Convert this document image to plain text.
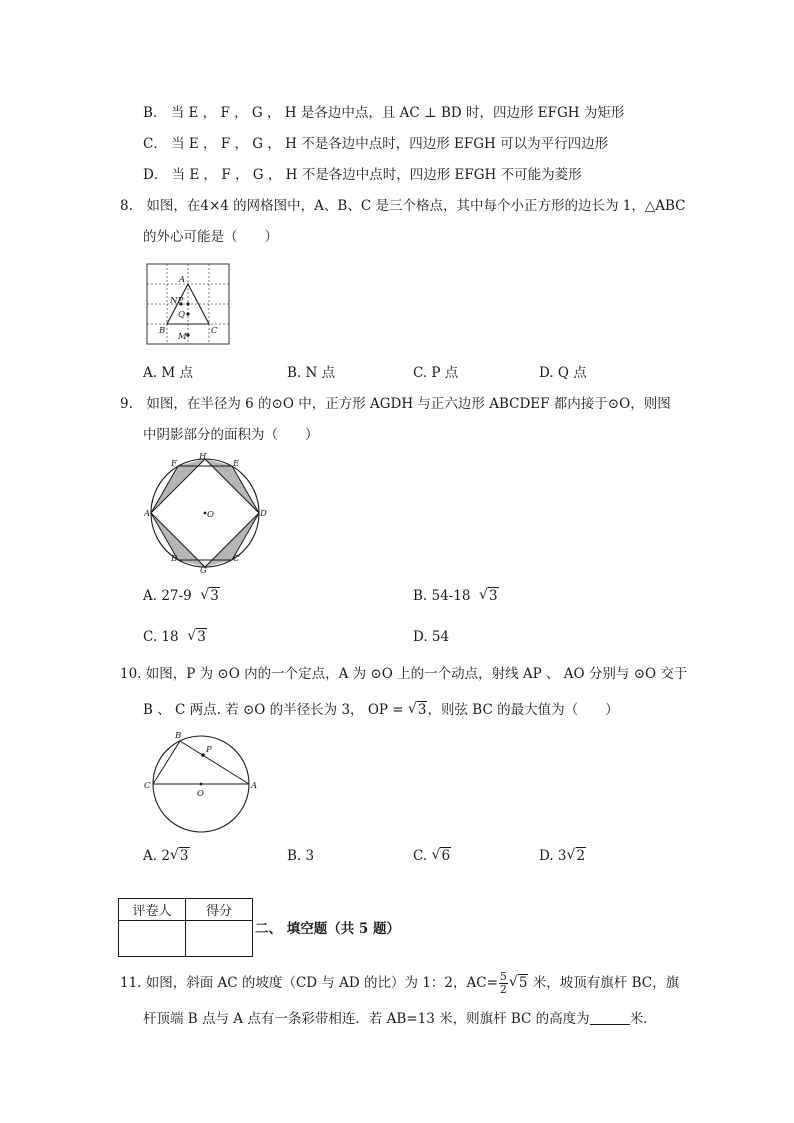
B． 当 E ， F ， G ， H 是各边中点，且 AC ⊥ BD 时，四边形 EFGH 为矩形
C． 当 E ， F ， G ， H 不是各边中点时，四边形 EFGH 可以为平行四边形
D． 当 E ， F ， G ， H 不是各边中点时，四边形 EFGH 不可能为菱形
8.　如图，在4×4 的网格图中，A、B、C 是三个格点，其中每个小正方形的边长为 1，△ABC
的外心可能是（　　）
A
NP
Q
B	C
M
A. M 点	B. N 点	C. P 点	D. Q 点
9.　如图，在半径为 6 的⊙O 中，正方形 AGDH 与正六边形 ABCDEF 都内接于⊙O，则图
中阴影部分的面积为（　　）
F
H
E
A	O	D
B	C
G
A. 27-9 √ 3	B. 54-18 √ 3
C. 18 √ 3	D. 54
10. 如图，P 为 ⊙O 内的一个定点，A 为 ⊙O 上的一个动点，射线 AP 、 AO 分别与 ⊙O 交于
B 、 C 两点. 若 ⊙O 的半径长为 3， OP = √ 3，则弦 BC 的最大值为（　　）
B
P
C
O
A
A. 2 √ 3	B. 3	C. √ 6	D. 3 √ 2
评卷人	得分

二、 填空题（共 5 题）
11. 如图，斜面 AC 的坡度（CD 与 AD 的比）为 1：2，$AC= \frac{5}{2}$ √ 5 米，坡顶有旗杆 BC，旗
杆顶端 B 点与 A 点有一条彩带相连．若 AB=13 米，则旗杆 BC 的高度为	米．
